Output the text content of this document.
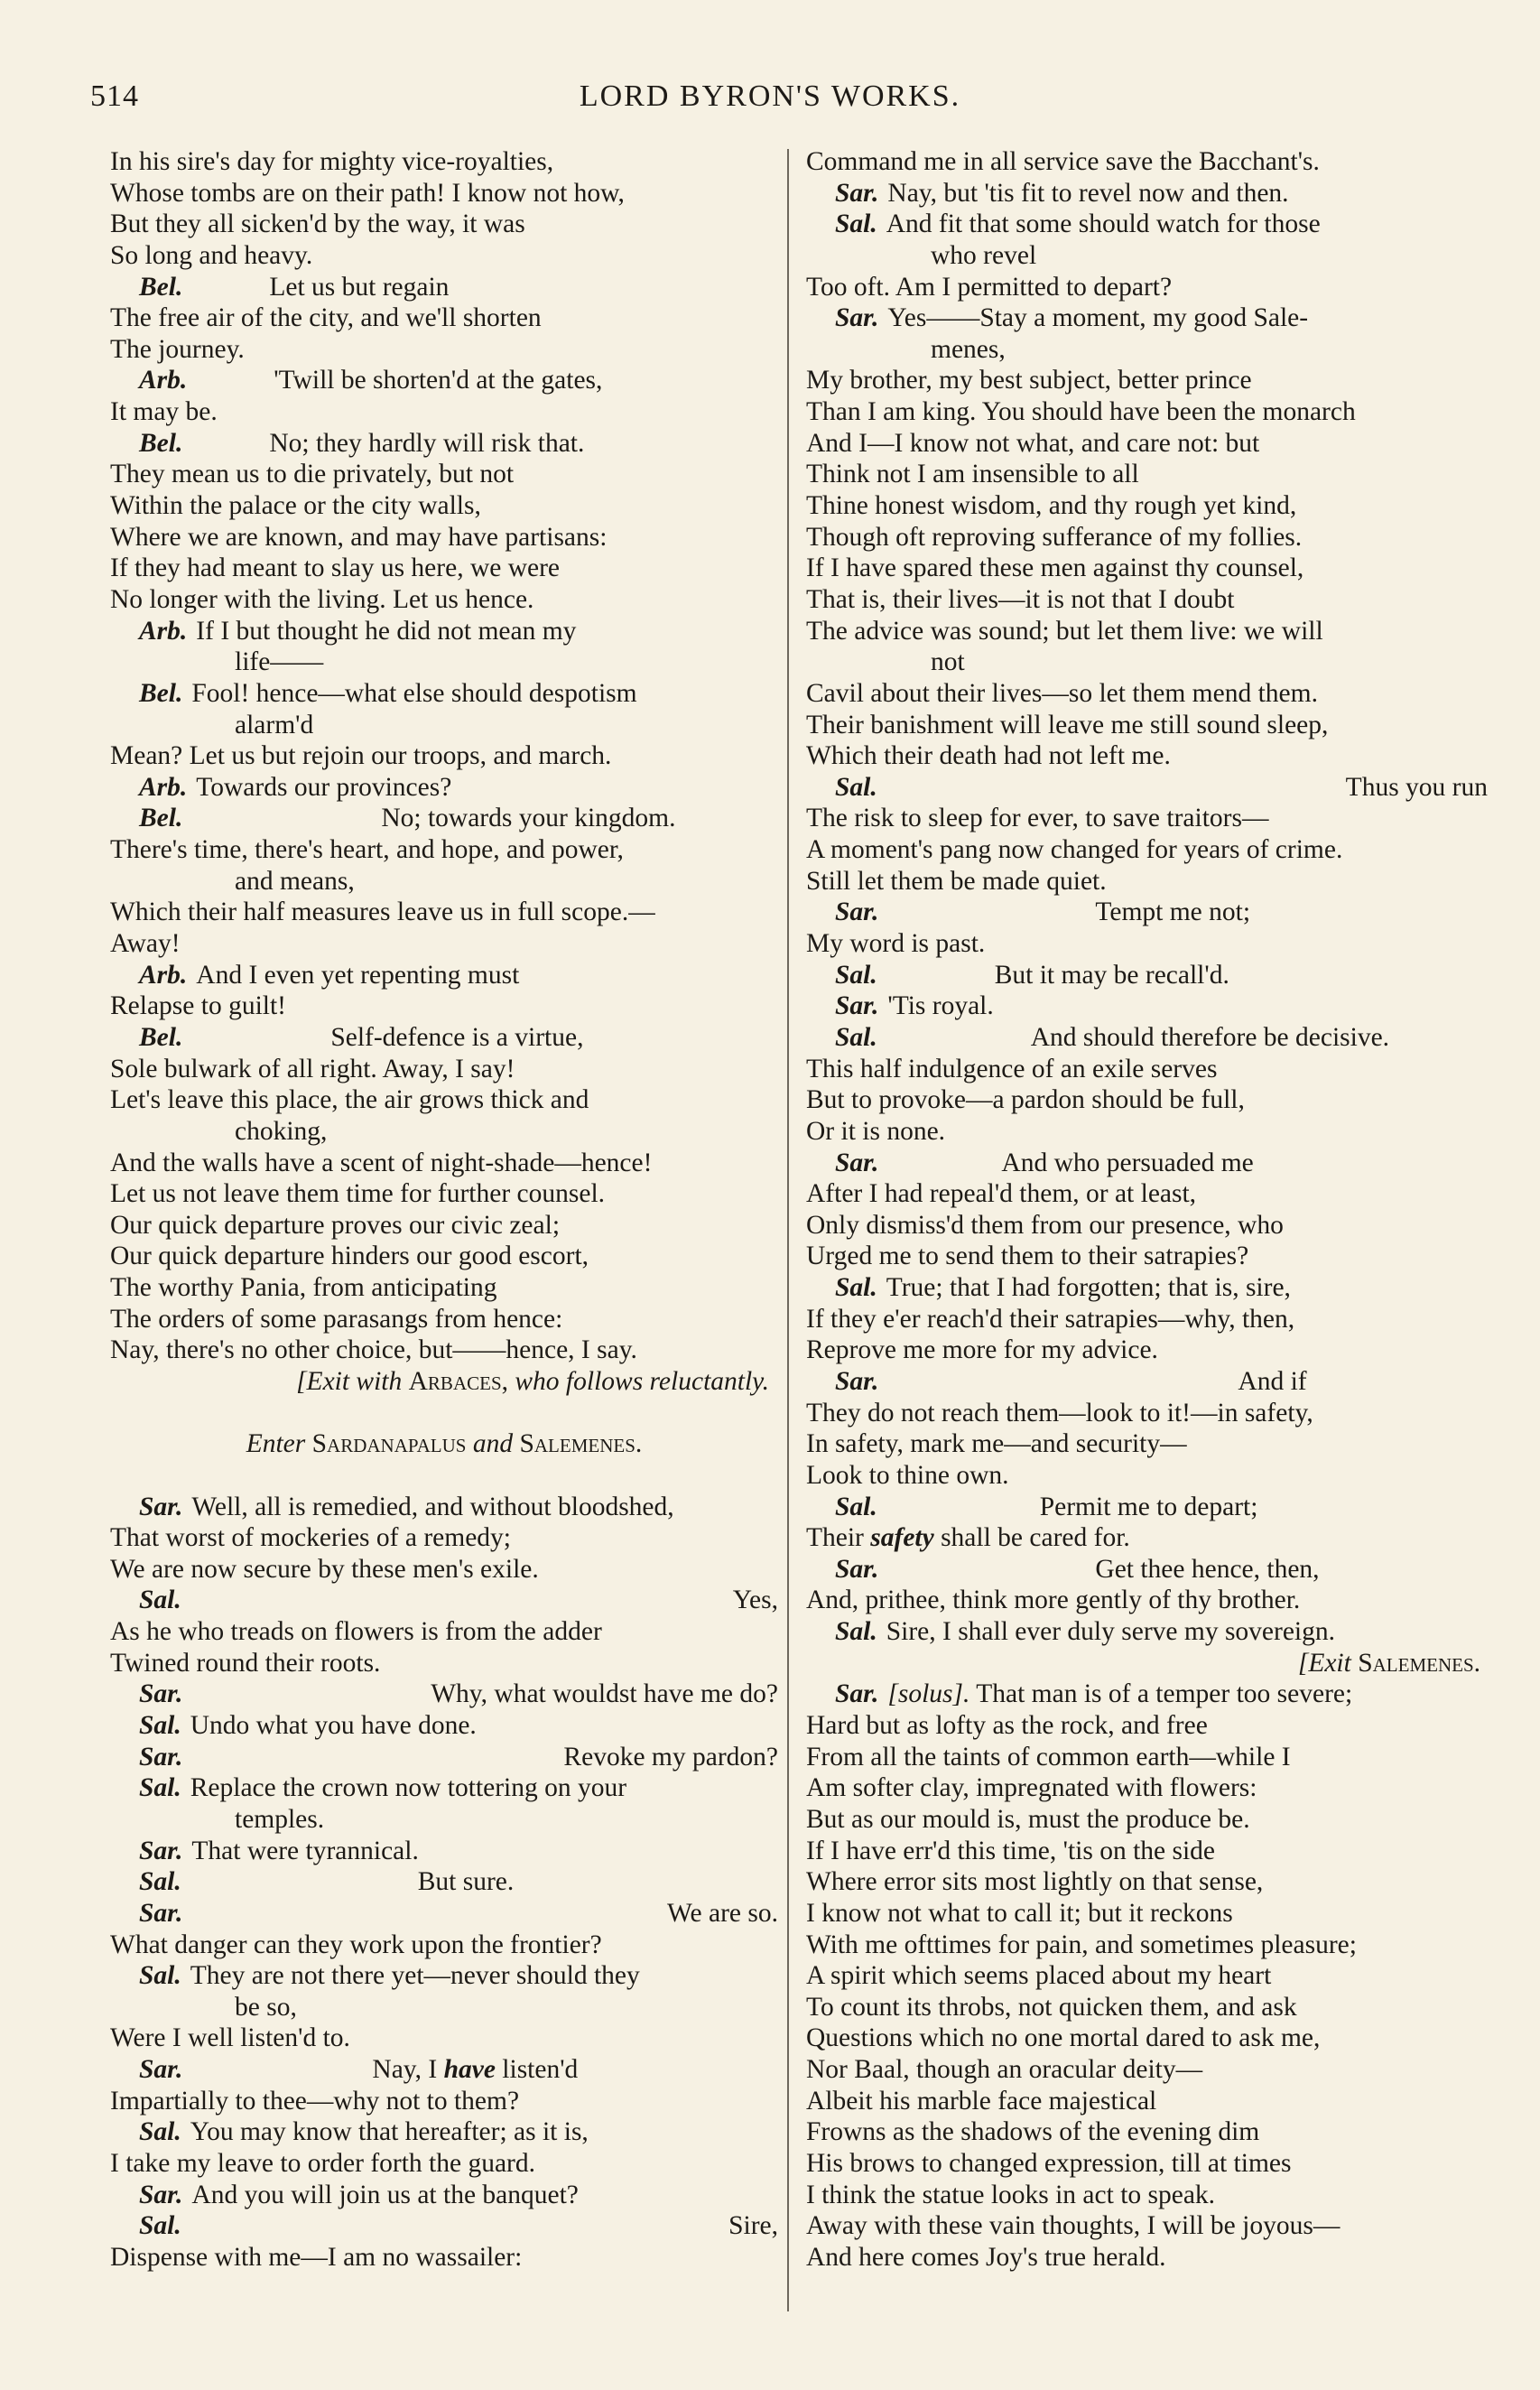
514	LORD BYRON'S WORKS.
In his sire's day for mighty vice-royalties,
Whose tombs are on their path! I know not how,
But they all sicken'd by the way, it was
So long and heavy.
Bel.	Let us but regain
The free air of the city, and we'll shorten
The journey.
Arb.	'Twill be shorten'd at the gates,
It may be.
Bel.	No; they hardly will risk that.
They mean us to die privately, but not
Within the palace or the city walls,
Where we are known, and may have partisans:
If they had meant to slay us here, we were
No longer with the living. Let us hence.
Arb. If I but thought he did not mean my
life——
Bel. Fool! hence—what else should despotism
alarm'd
Mean? Let us but rejoin our troops, and march.
Arb. Towards our provinces?
Bel.	No; towards your kingdom.
There's time, there's heart, and hope, and power,
and means,
Which their half measures leave us in full scope.—
Away!
Arb. And I even yet repenting must
Relapse to guilt!
Bel.	Self-defence is a virtue,
Sole bulwark of all right. Away, I say!
Let's leave this place, the air grows thick and
choking,
And the walls have a scent of night-shade—hence!
Let us not leave them time for further counsel.
Our quick departure proves our civic zeal;
Our quick departure hinders our good escort,
The worthy Pania, from anticipating
The orders of some parasangs from hence:
Nay, there's no other choice, but——hence, I say.
[Exit with Arbaces, who follows reluctantly.
Enter Sardanapalus and Salemenes.
Sar. Well, all is remedied, and without bloodshed,
That worst of mockeries of a remedy;
We are now secure by these men's exile.
Sal.	Yes,
As he who treads on flowers is from the adder
Twined round their roots.
Sar.	Why, what wouldst have me do?
Sal. Undo what you have done.
Sar.	Revoke my pardon?
Sal. Replace the crown now tottering on your
temples.
Sar. That were tyrannical.
Sal.	But sure.
Sar.	We are so.
What danger can they work upon the frontier?
Sal. They are not there yet—never should they
be so,
Were I well listen'd to.
Sar.	Nay, I have listen'd
Impartially to thee—why not to them?
Sal. You may know that hereafter; as it is,
I take my leave to order forth the guard.
Sar. And you will join us at the banquet?
Sal.	Sire,
Dispense with me—I am no wassailer:
Command me in all service save the Bacchant's.
Sar. Nay, but 'tis fit to revel now and then.
Sal. And fit that some should watch for those
who revel
Too oft. Am I permitted to depart?
Sar. Yes——Stay a moment, my good Sale-
menes,
My brother, my best subject, better prince
Than I am king. You should have been the monarch
And I—I know not what, and care not: but
Think not I am insensible to all
Thine honest wisdom, and thy rough yet kind,
Though oft reproving sufferance of my follies.
If I have spared these men against thy counsel,
That is, their lives—it is not that I doubt
The advice was sound; but let them live: we will
not
Cavil about their lives—so let them mend them.
Their banishment will leave me still sound sleep,
Which their death had not left me.
Sal.	Thus you run
The risk to sleep for ever, to save traitors—
A moment's pang now changed for years of crime.
Still let them be made quiet.
Sar.	Tempt me not;
My word is past.
Sal.	But it may be recall'd.
Sar. 'Tis royal.
Sal.	And should therefore be decisive.
This half indulgence of an exile serves
But to provoke—a pardon should be full,
Or it is none.
Sar.	And who persuaded me
After I had repeal'd them, or at least,
Only dismiss'd them from our presence, who
Urged me to send them to their satrapies?
Sal. True; that I had forgotten; that is, sire,
If they e'er reach'd their satrapies—why, then,
Reprove me more for my advice.
Sar.	And if
They do not reach them—look to it!—in safety,
In safety, mark me—and security—
Look to thine own.
Sal.	Permit me to depart;
Their safety shall be cared for.
Sar.	Get thee hence, then,
And, prithee, think more gently of thy brother.
Sal. Sire, I shall ever duly serve my sovereign.
[Exit Salemenes.
Sar. [solus]. That man is of a temper too severe;
Hard but as lofty as the rock, and free
From all the taints of common earth—while I
Am softer clay, impregnated with flowers:
But as our mould is, must the produce be.
If I have err'd this time, 'tis on the side
Where error sits most lightly on that sense,
I know not what to call it; but it reckons
With me ofttimes for pain, and sometimes pleasure;
A spirit which seems placed about my heart
To count its throbs, not quicken them, and ask
Questions which no one mortal dared to ask me,
Nor Baal, though an oracular deity—
Albeit his marble face majestical
Frowns as the shadows of the evening dim
His brows to changed expression, till at times
I think the statue looks in act to speak.
Away with these vain thoughts, I will be joyous—
And here comes Joy's true herald.
